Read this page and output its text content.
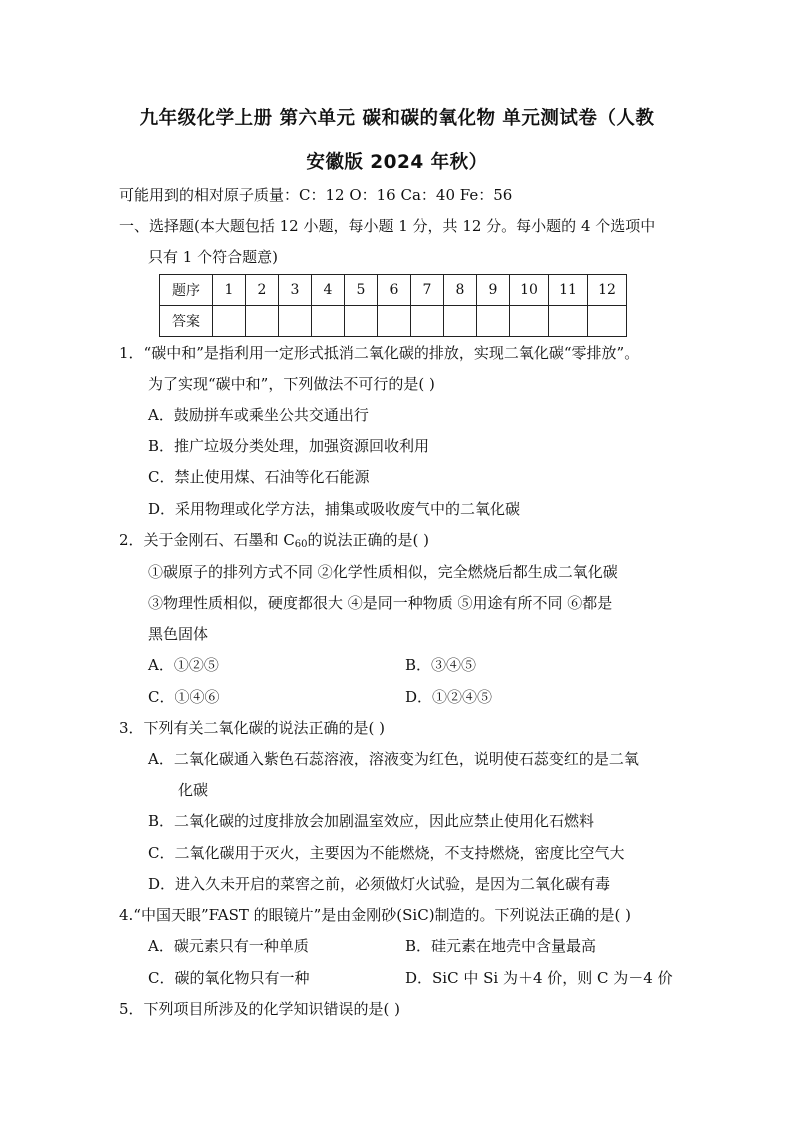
九年级化学上册 第六单元 碳和碳的氧化物 单元测试卷（人教
安徽版 2024 年秋）
可能用到的相对原子质量：C：12 O：16 Ca：40 Fe：56
一、选择题(本大题包括 12 小题，每小题 1 分，共 12 分。每小题的 4 个选项中
只有 1 个符合题意)
题序	1	2	3	4	5	6	7	8	9	10	11	12
答案												
1．“碳中和”是指利用一定形式抵消二氧化碳的排放，实现二氧化碳“零排放”。
为了实现“碳中和”，下列做法不可行的是( )
A．鼓励拼车或乘坐公共交通出行
B．推广垃圾分类处理，加强资源回收利用
C．禁止使用煤、石油等化石能源
D．采用物理或化学方法，捕集或吸收废气中的二氧化碳
2．关于金刚石、石墨和 $C_{60}$的说法正确的是( )
①碳原子的排列方式不同 ②化学性质相似，完全燃烧后都生成二氧化碳
③物理性质相似，硬度都很大 ④是同一种物质 ⑤用途有所不同 ⑥都是
黑色固体
A．①②⑤	B．③④⑤
C．①④⑥	D．①②④⑤
3．下列有关二氧化碳的说法正确的是( )
A．二氧化碳通入紫色石蕊溶液，溶液变为红色，说明使石蕊变红的是二氧
化碳
B．二氧化碳的过度排放会加剧温室效应，因此应禁止使用化石燃料
C．二氧化碳用于灭火，主要因为不能燃烧，不支持燃烧，密度比空气大
D．进入久未开启的菜窖之前，必须做灯火试验，是因为二氧化碳有毒
4.“中国天眼”FAST 的眼镜片”是由金刚砂(SiC)制造的。下列说法正确的是( )
A．碳元素只有一种单质	B．硅元素在地壳中含量最高
C．碳的氧化物只有一种	D．SiC 中 Si 为＋4 价，则 C 为－4 价
5．下列项目所涉及的化学知识错误的是( )
